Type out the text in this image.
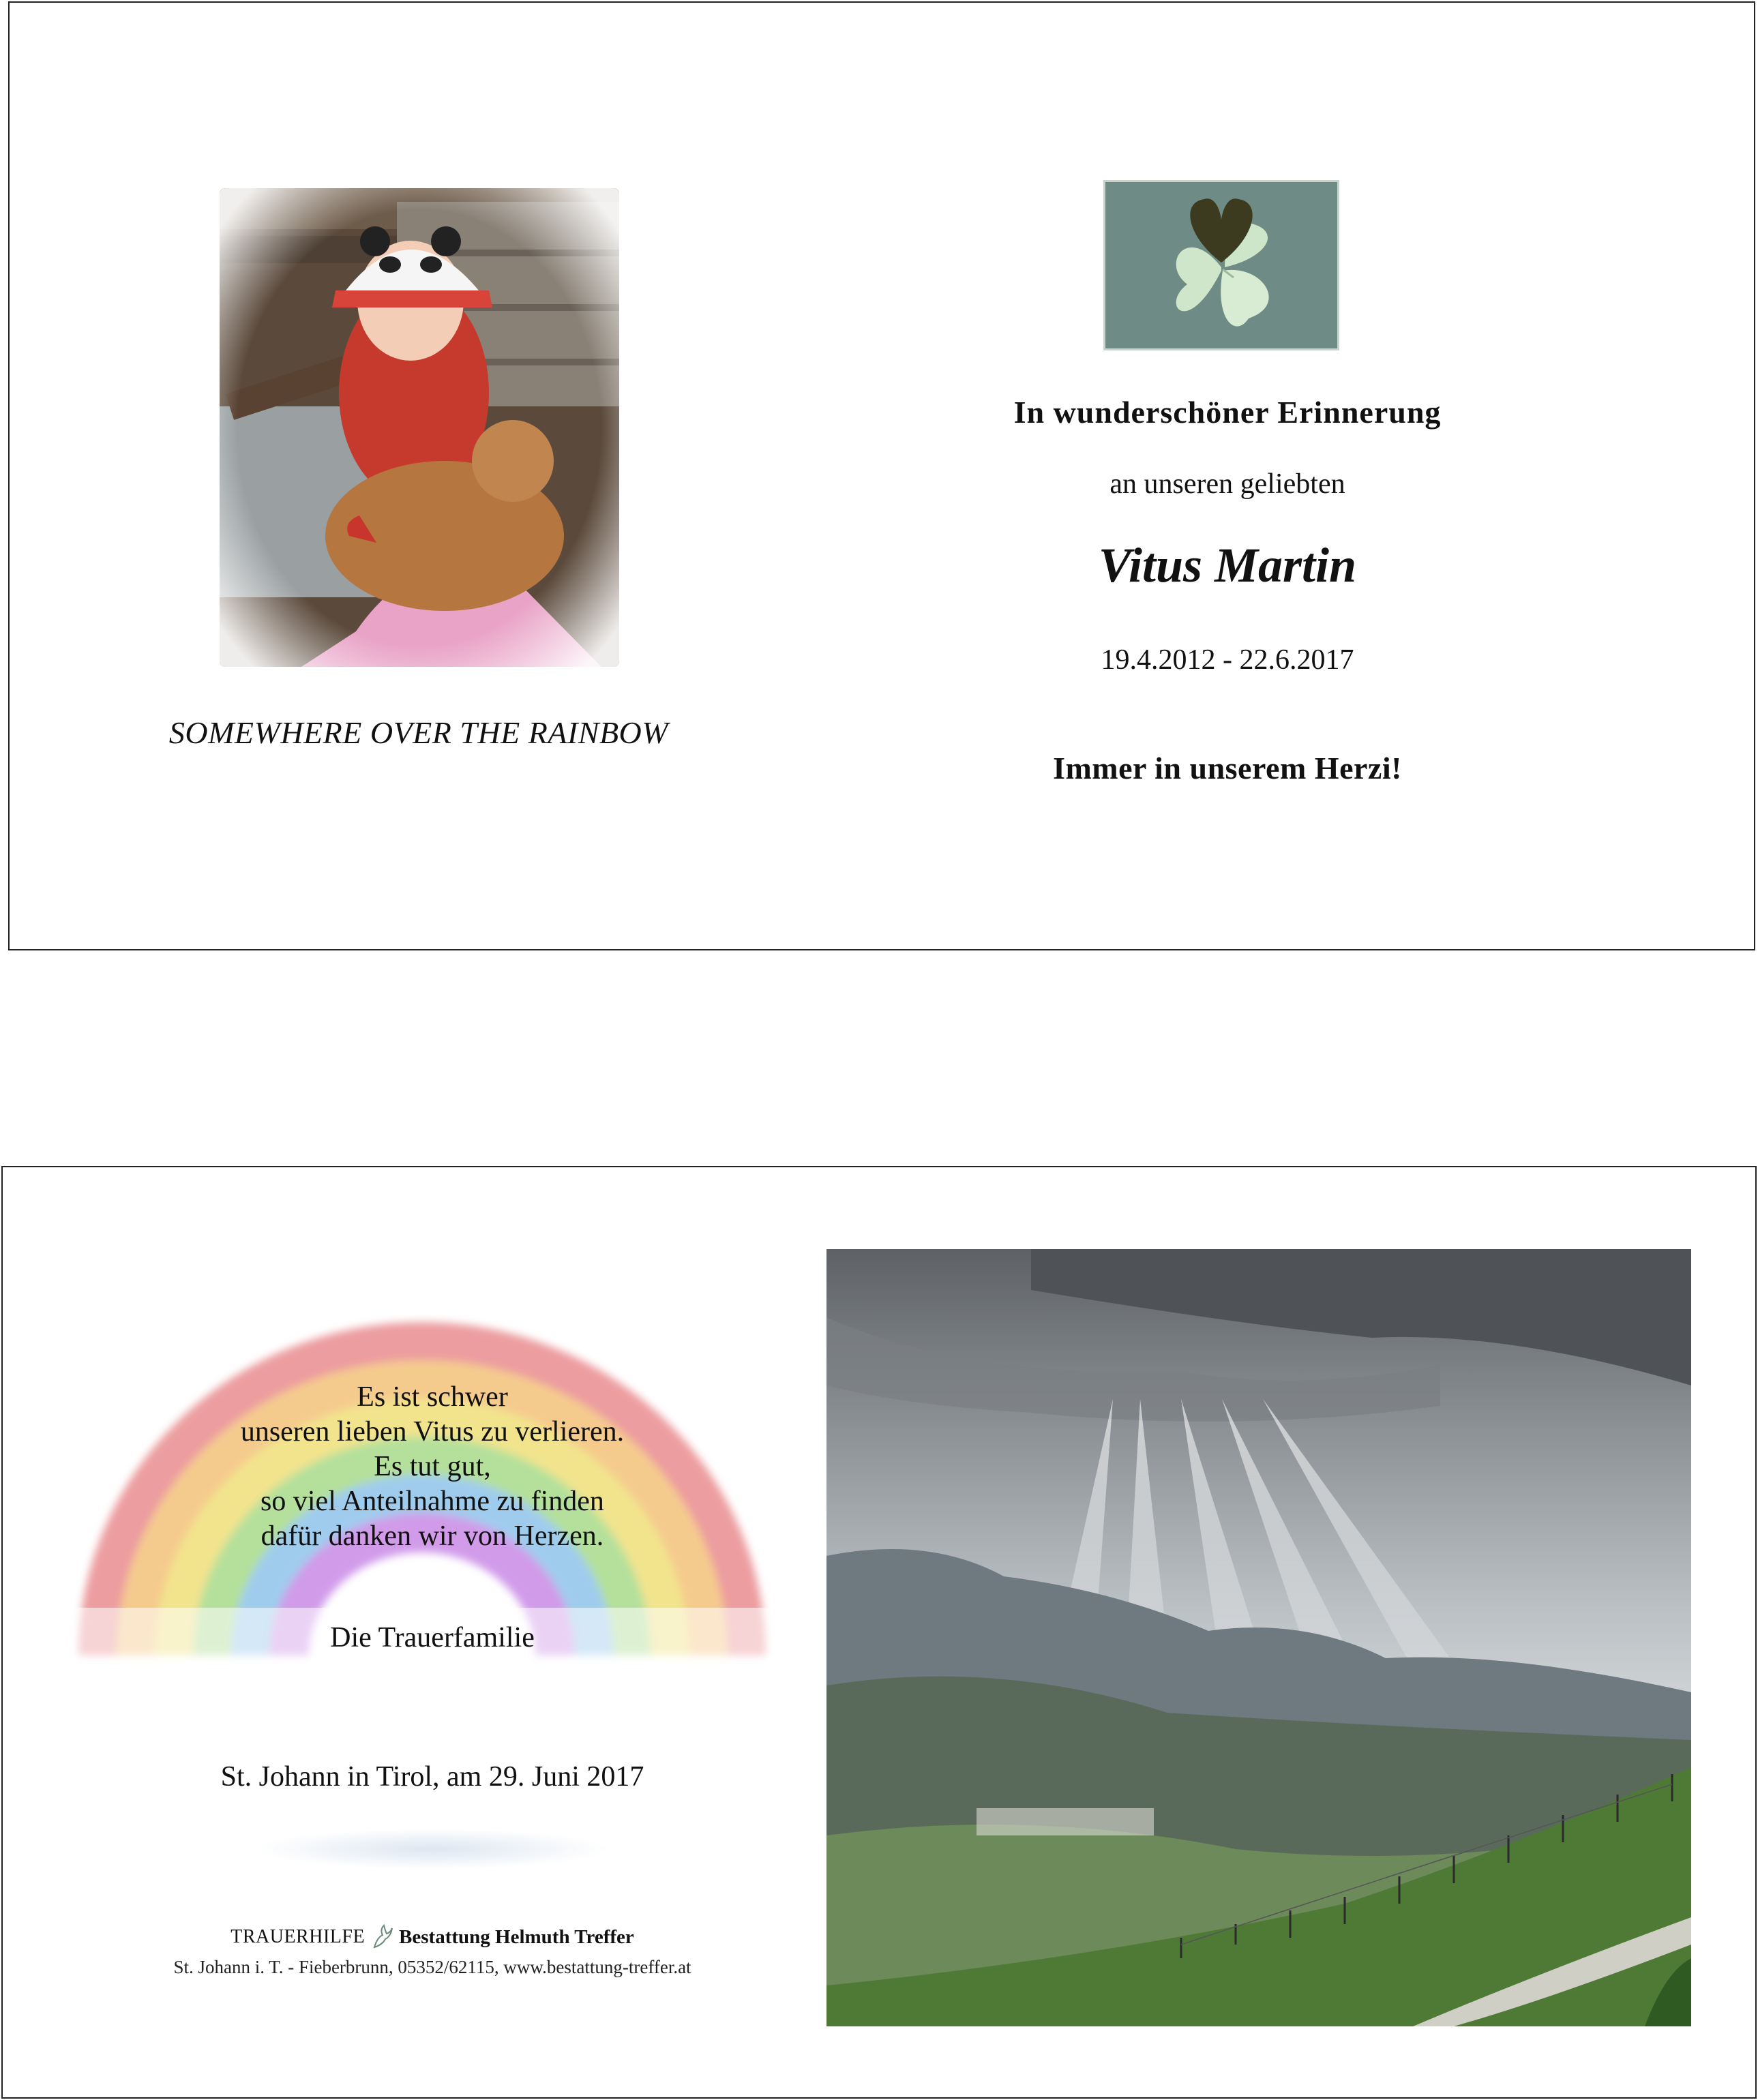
SOMEWHERE OVER THE RAINBOW
In wunderschöner Erinnerung
an unseren geliebten
Vitus Martin
19.4.2012 - 22.6.2017
Immer in unserem Herzi!
Es ist schwer
unseren lieben Vitus zu verlieren.
Es tut gut,
so viel Anteilnahme zu finden
dafür danken wir von Herzen.
Die Trauerfamilie
St. Johann in Tirol, am 29. Juni 2017
TRAUERHILFE Bestattung Helmuth Treffer
St. Johann i. T. - Fieberbrunn, 05352/62115, www.bestattung-treffer.at
